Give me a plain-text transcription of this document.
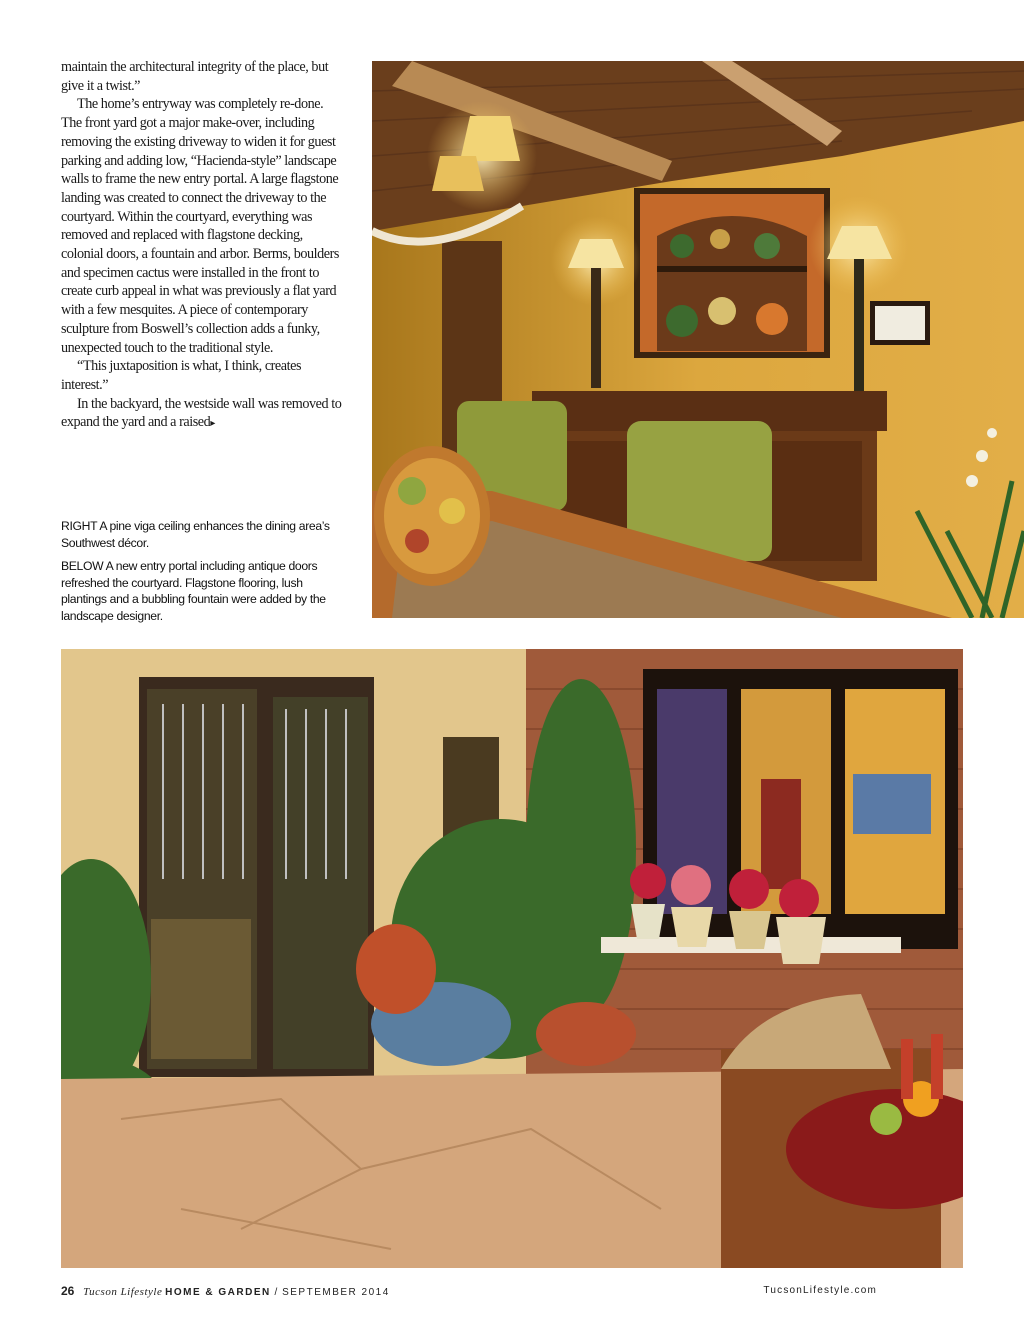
maintain the architectural integrity of the place, but give it a twist.”

The home’s entryway was completely re-done. The front yard got a major make-over, including removing the existing driveway to widen it for guest parking and adding low, “Hacienda-style” landscape walls to frame the new entry portal. A large flagstone landing was created to connect the driveway to the courtyard. Within the courtyard, everything was removed and replaced with flagstone decking, colonial doors, a fountain and arbor. Berms, boulders and specimen cactus were installed in the front to create curb appeal in what was previously a flat yard with a few mesquites. A piece of contemporary sculpture from Boswell’s collection adds a funky, unexpected touch to the traditional style.

“This juxtaposition is what, I think, creates interest.”

In the backyard, the westside wall was removed to expand the yard and a raised▸

RIGHT A pine viga ceiling enhances the dining area’s Southwest décor.

BELOW A new entry portal including antique doors refreshed the courtyard. Flagstone flooring, lush plantings and a bubbling fountain were added by the landscape designer.

26 Tucson Lifestyle HOME & GARDEN / SEPTEMBER 2014	TucsonLifestyle.com
